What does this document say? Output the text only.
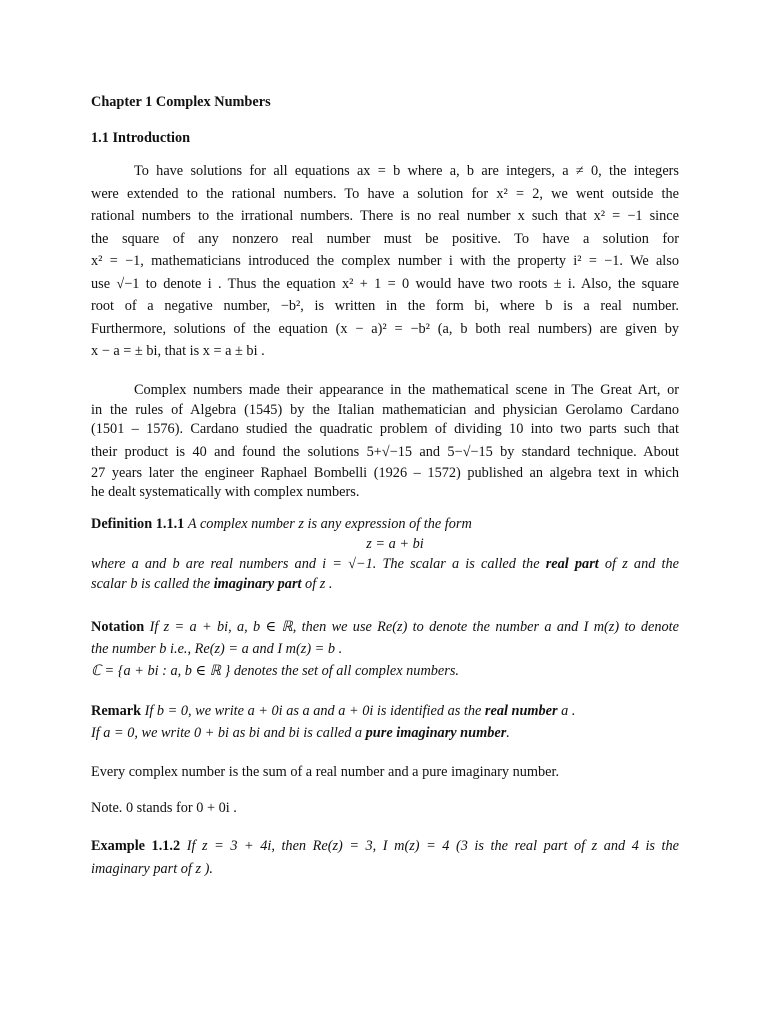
Chapter 1 Complex Numbers
1.1 Introduction
To have solutions for all equations ax = b where a, b are integers, a ≠ 0, the integers
were extended to the rational numbers. To have a solution for x² = 2, we went outside the
rational numbers to the irrational numbers. There is no real number x such that x² = −1 since
the square of any nonzero real number must be positive. To have a solution for
x² = −1, mathematicians introduced the complex number i with the property i² = −1. We also
use √−1 to denote i . Thus the equation x² + 1 = 0 would have two roots ± i. Also, the square
root of a negative number, −b², is written in the form bi, where b is a real number.
Furthermore, solutions of the equation (x − a)² = −b² (a, b both real numbers) are given by
x − a = ± bi, that is x = a ± bi .
Complex numbers made their appearance in the mathematical scene in The Great Art, or
in the rules of Algebra (1545) by the Italian mathematician and physician Gerolamo Cardano
(1501 – 1576). Cardano studied the quadratic problem of dividing 10 into two parts such that
their product is 40 and found the solutions 5+√−15 and 5−√−15 by standard technique. About
27 years later the engineer Raphael Bombelli (1926 – 1572) published an algebra text in which
he dealt systematically with complex numbers.
Definition 1.1.1 A complex number z is any expression of the form
z = a + bi
where a and b are real numbers and i = √−1. The scalar a is called the real part of z and the
scalar b is called the imaginary part of z .
Notation If z = a + bi, a, b ∈ ℝ, then we use Re(z) to denote the number a and I m(z) to denote
the number b i.e., Re(z) = a and I m(z) = b .
ℂ = {a + bi : a, b ∈ ℝ } denotes the set of all complex numbers.
Remark If b = 0, we write a + 0i as a and a + 0i is identified as the real number a .
If a = 0, we write 0 + bi as bi and bi is called a pure imaginary number.
Every complex number is the sum of a real number and a pure imaginary number.
Note. 0 stands for 0 + 0i .
Example 1.1.2 If z = 3 + 4i, then Re(z) = 3, I m(z) = 4 (3 is the real part of z and 4 is the
imaginary part of z ).
